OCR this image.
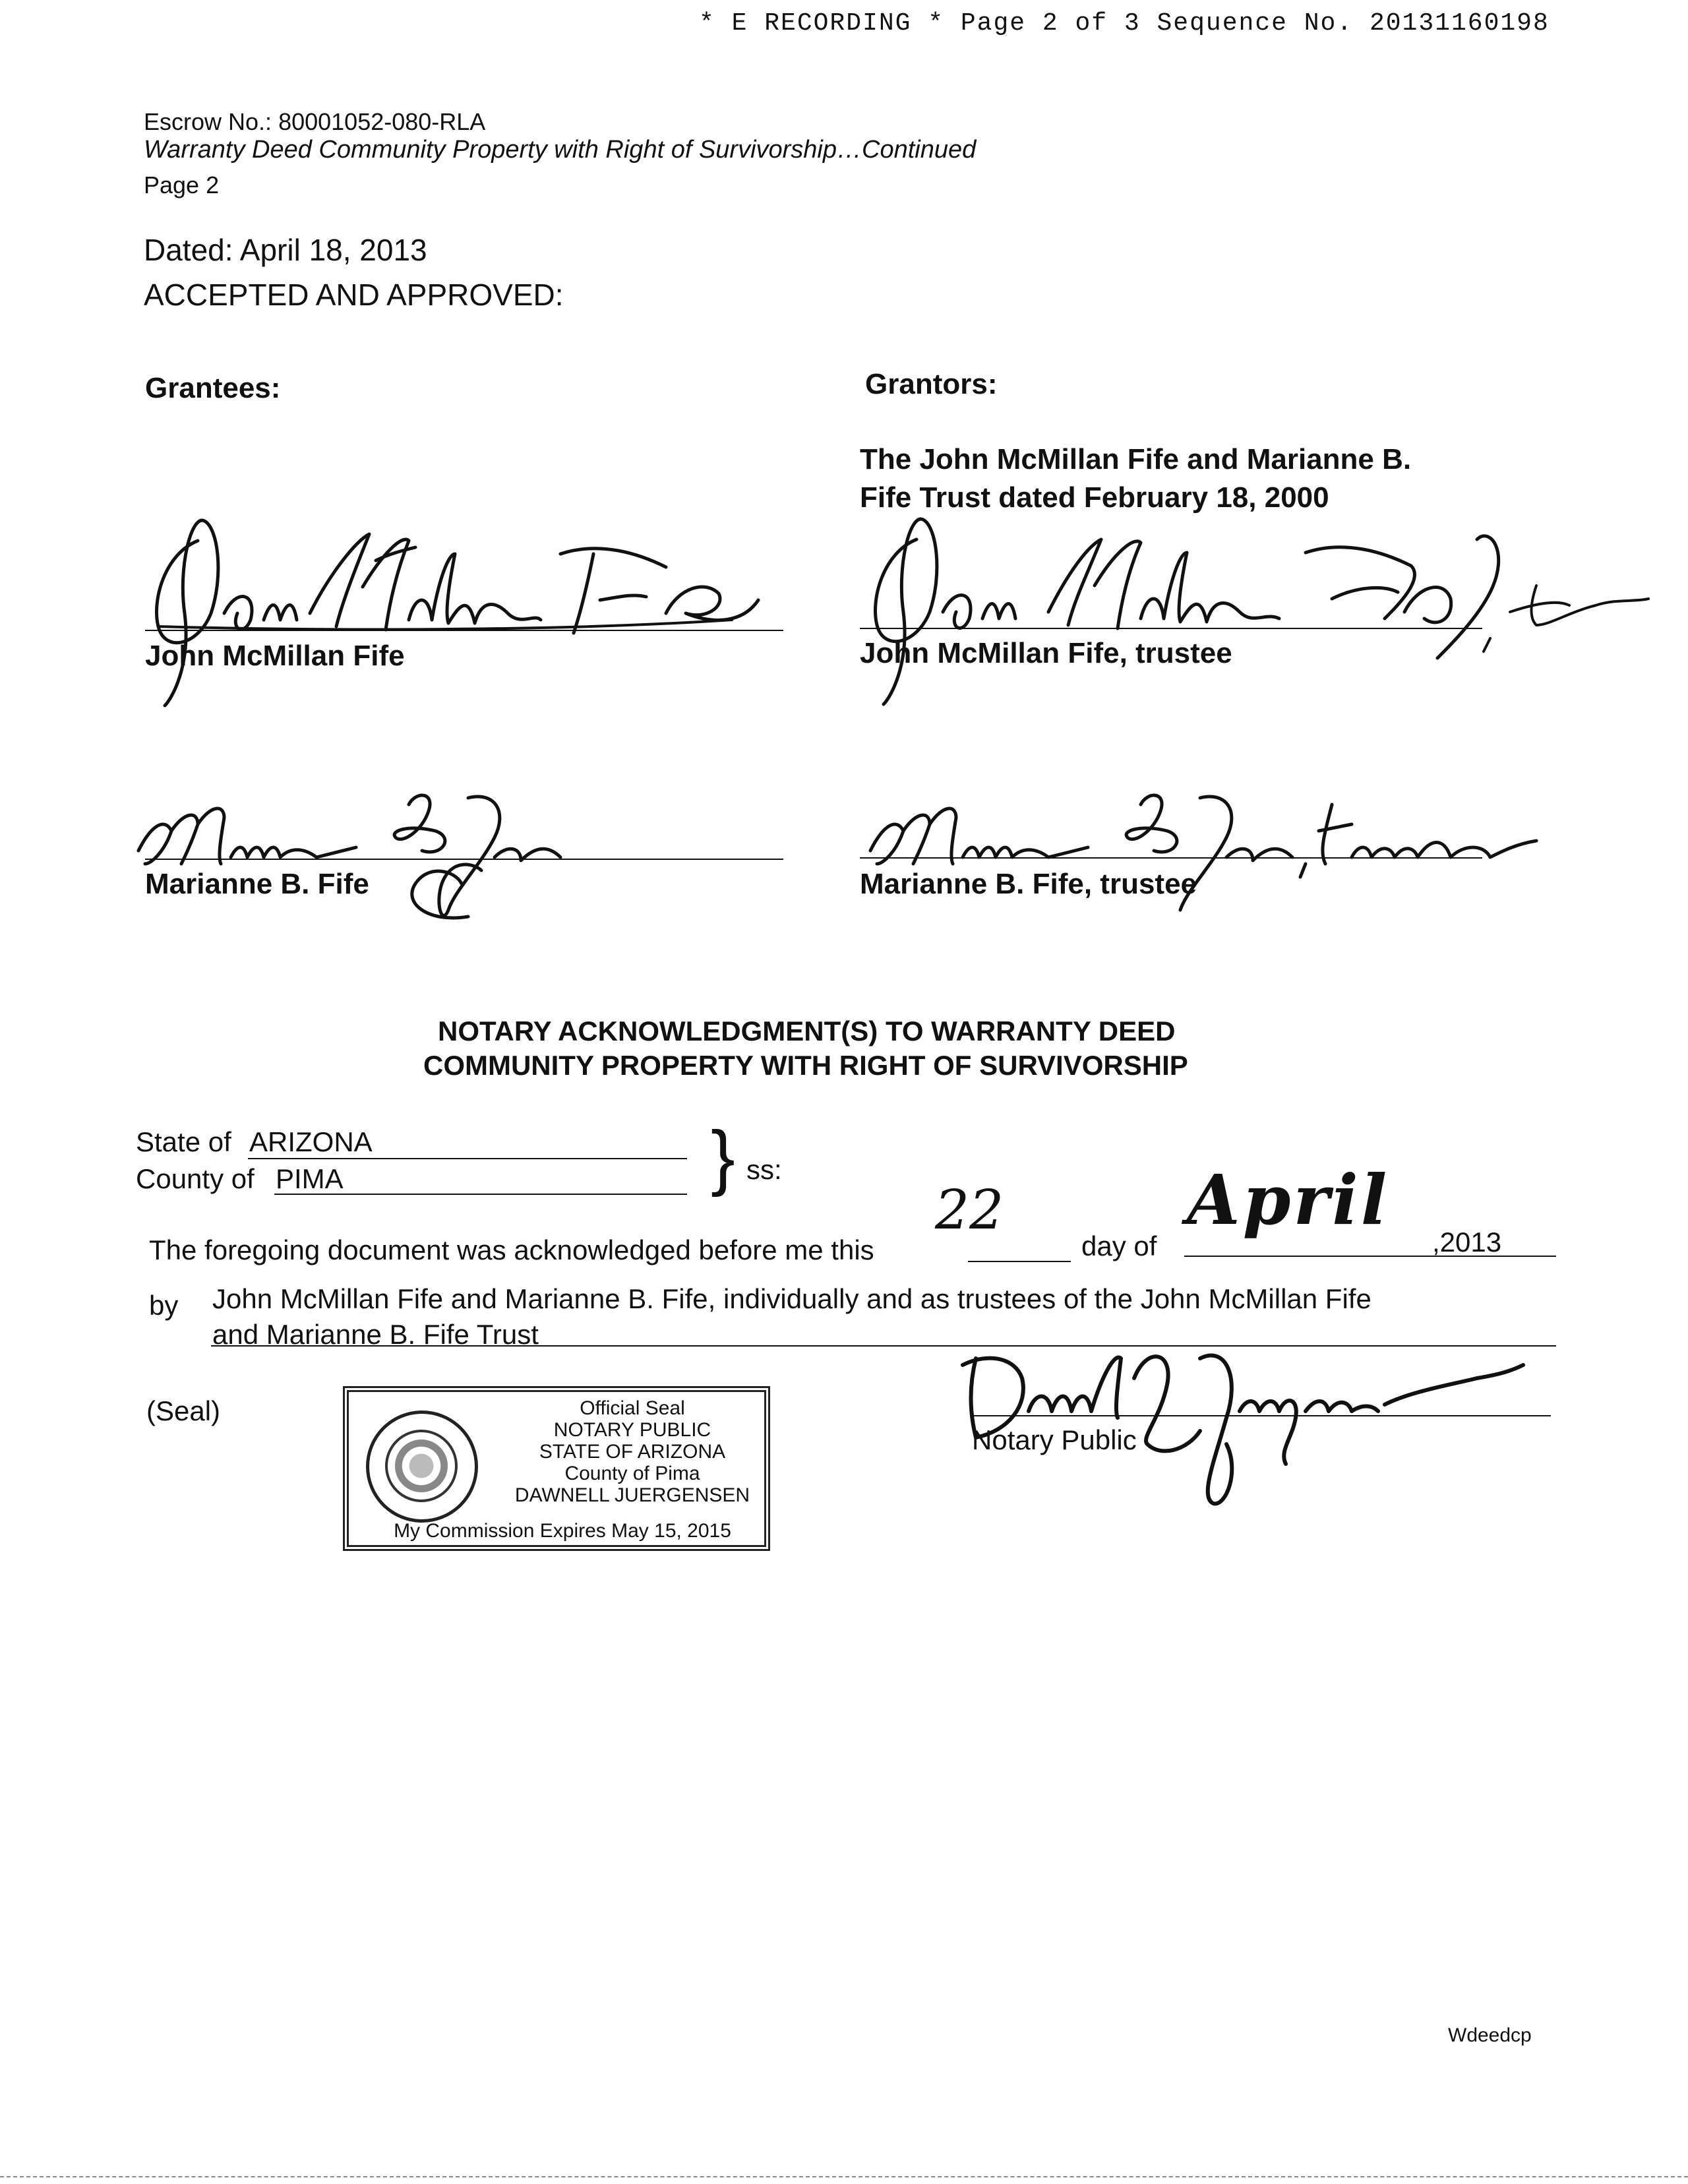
* E RECORDING * Page 2 of 3 Sequence No. 20131160198
Escrow No.: 80001052-080-RLA
Warranty Deed Community Property with Right of Survivorship…Continued
Page 2
Dated: April 18, 2013
ACCEPTED AND APPROVED:
Grantees:
John McMillan Fife
Marianne B. Fife
Grantors:
The John McMillan Fife and Marianne B.
Fife Trust dated February 18, 2000
John McMillan Fife, trustee
Marianne B. Fife, trustee
NOTARY ACKNOWLEDGMENT(S) TO WARRANTY DEED
COMMUNITY PROPERTY WITH RIGHT OF SURVIVORSHIP
State of ARIZONA
County of PIMA	} ss:
The foregoing document was acknowledged before me this
22
day of
April
,2013
by John McMillan Fife and Marianne B. Fife, individually and as trustees of the John McMillan Fife
and Marianne B. Fife Trust
(Seal)	Official Seal
NOTARY PUBLIC
STATE OF ARIZONA
County of Pima
DAWNELL JUERGENSEN
My Commission Expires May 15, 2015
Notary Public
Wdeedcp
